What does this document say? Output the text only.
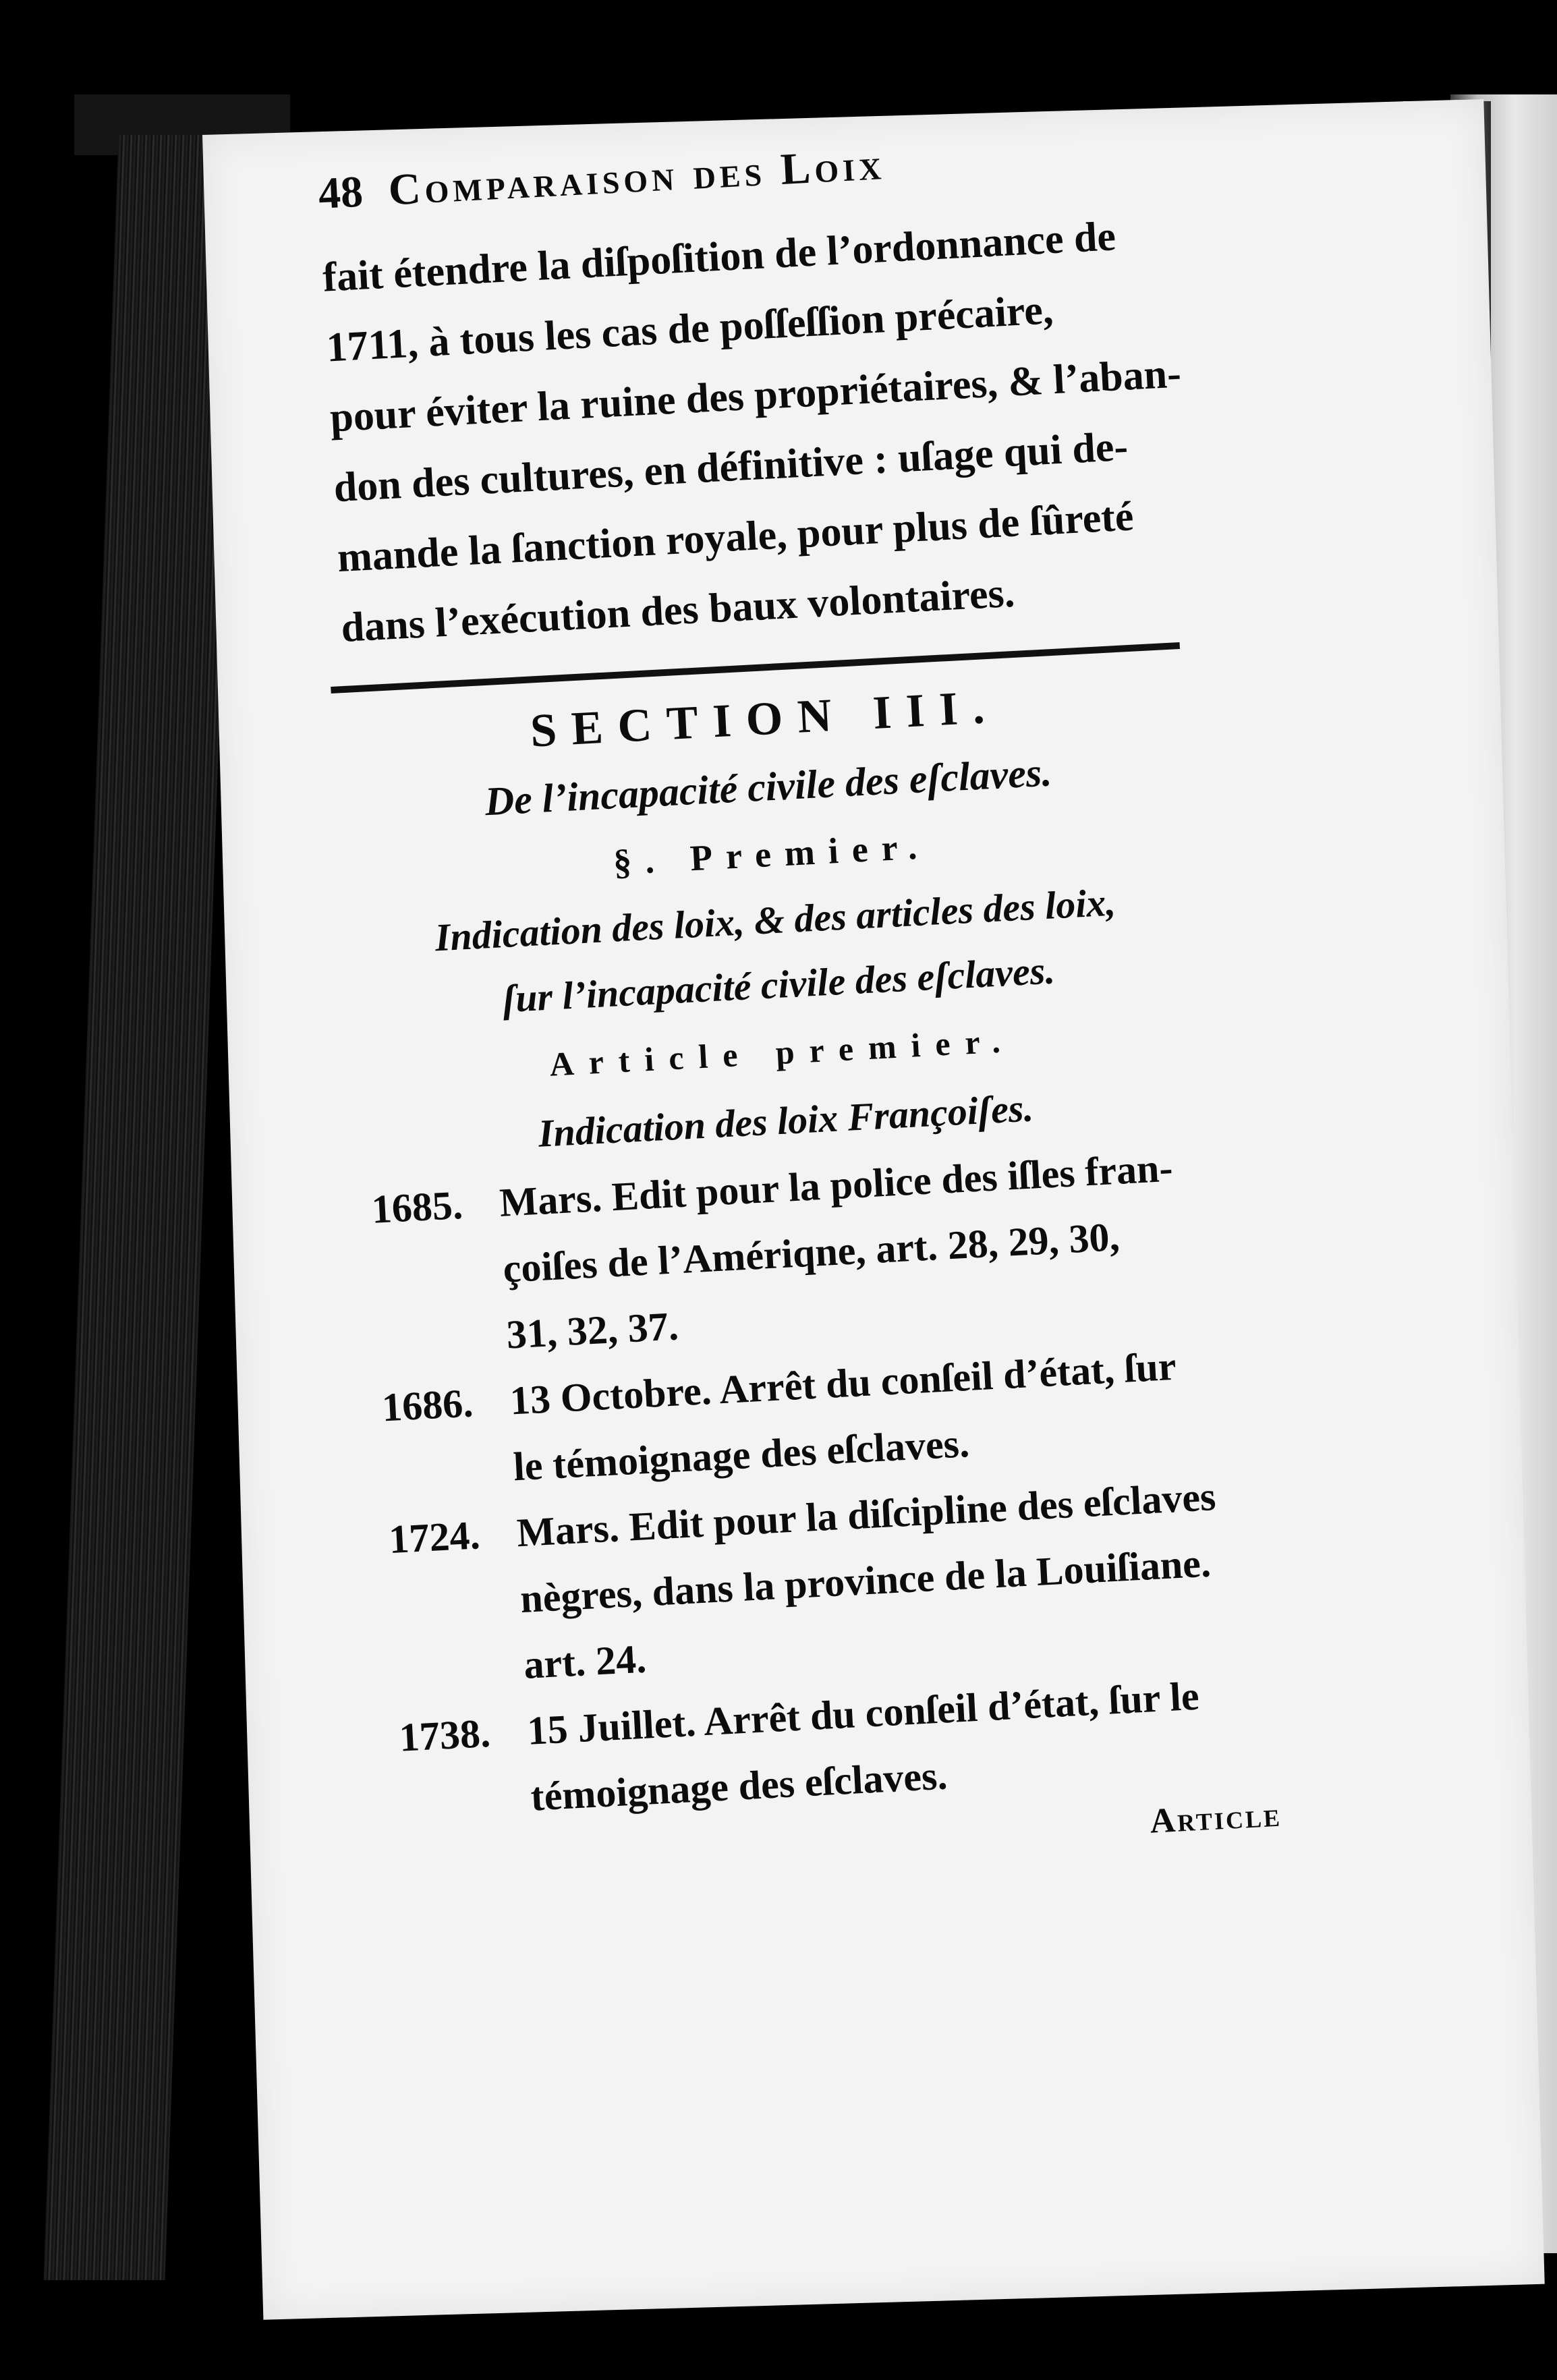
48 Comparaison des Loix
fait étendre la diſpoſition de l’ordonnance de
1711, à tous les cas de poſſeſſion précaire,
pour éviter la ruine des propriétaires, & l’aban-
don des cultures, en définitive : uſage qui de-
mande la ſanction royale, pour plus de ſûreté
dans l’exécution des baux volontaires.
SECTION III.
De l’incapacité civile des eſclaves.
§. Premier.
Indication des loix, & des articles des loix,
ſur l’incapacité civile des eſclaves.
Article premier.
Indication des loix Françoiſes.
1685. Mars. Edit pour la police des iſles fran-
çoiſes de l’Amériqne, art. 28, 29, 30,
31, 32, 37.
1686. 13 Octobre. Arrêt du conſeil d’état, ſur
le témoignage des eſclaves.
1724. Mars. Edit pour la diſcipline des eſclaves
nègres, dans la province de la Louiſiane.
art. 24.
1738. 15 Juillet. Arrêt du conſeil d’état, ſur le
témoignage des eſclaves.	Article
